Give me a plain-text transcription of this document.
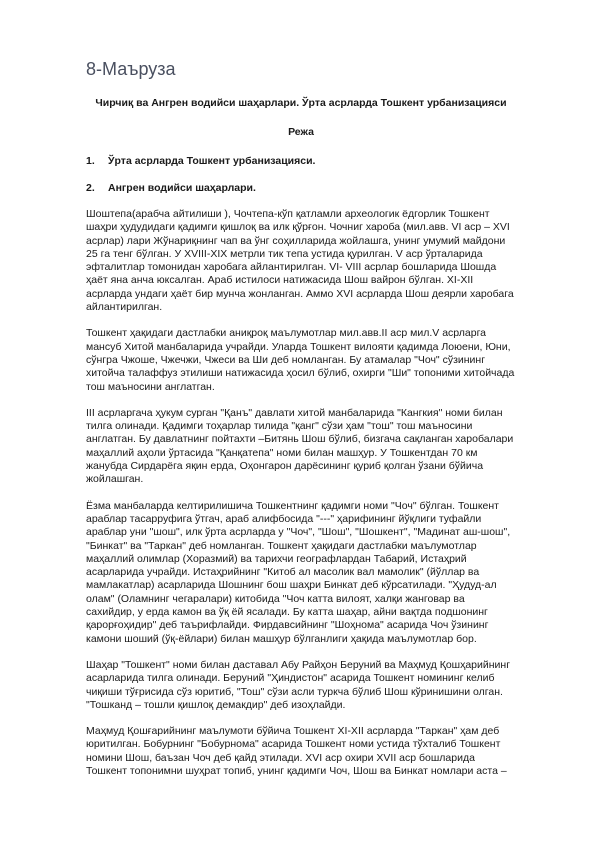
8-Маъруза

Чирчиқ ва Ангрен водийси шаҳарлари. Ўрта асрларда Тошкент урбанизацияси

Режа

1.	Ўрта асрларда Тошкент урбанизацияси.
2.	Ангрен водийси шаҳарлари.

Шоштепа(арабча айтилиши ), Чочтепа-кўп қатламли археологик ёдгорлик Тошкент шаҳри ҳудудидаги қадимги қишлоқ ва илк қўрғон. Чочниг хароба (мил.авв. VI аср – XVI асрлар) лари Жўнариқнинг чап ва ўнг соҳилларида жойлашга, унинг умумий майдони 25 га тенг бўлган. У XVIII-XIX метрли тик тепа устида қурилган. V аср ўрталарида эфталитлар томонидан харобага айлантирилган. VI- VIII асрлар бошларида Шошда ҳаёт яна анча юксалган. Араб истилоси натижасида Шош вайрон бўлган. XI-XII асрларда ундаги ҳаёт бир мунча жонланган. Аммо XVI асрларда Шош деярли харобага айлантирилган.

Тошкент ҳақидаги дастлабки аниқроқ маълумотлар мил.авв.II аср мил.V асрларга мансуб Хитой манбаларида учрайди. Уларда Тошкент вилояти қадимда Лоюени, Юни, сўнгра Чжоше, Чжечжи, Чжеси ва Ши деб номланган. Бу атамалар "Чоч" сўзининг хитойча талаффуз этилиши натижасида ҳосил бўлиб, охирги "Ши" топоними хитойчада тош маъносини англатган.

III асрларгача ҳукум сурган "Қанъ" давлати хитой манбаларида "Кангкия" номи билан тилга олинади. Қадимги тоҳарлар тилида "қанг" сўзи ҳам "тош" тош маъносини англатган. Бу давлатнинг пойтахти –Битянь Шош бўлиб, бизгача сақланган харобалари маҳаллий аҳоли ўртасида "Қанқатепа" номи билан машҳур. У Тошкентдан 70 км жанубда Сирдарёга яқин ерда, Оҳонгарон дарёсининг қуриб қолган ўзани бўйича жойлашган.

Ёзма манбаларда келтирилишича Тошкентнинг қадимги номи "Чоч" бўлган. Тошкент араблар тасарруфига ўтгач, араб алифбосида "---" ҳарифининг йўқлиги туфайли араблар уни "шош", илк ўрта асрларда у "Чоч", "Шош", "Шошкент", "Мадинат аш-шош", "Бинкат" ва "Таркан" деб номланган. Тошкент ҳақидаги дастлабки маълумотлар маҳаллий олимлар (Хоразмий) ва тарихчи географлардан Табарий, Истаҳрий асарларида учрайди. Истаҳрийнинг "Китоб ал масолик вал мамолик" (йўллар ва мамлакатлар) асарларида Шошнинг бош шаҳри Бинкат деб кўрсатилади. "Ҳудуд-ал олам" (Оламнинг чегаралари) китобида "Чоч катта вилоят, халқи жанговар ва сахийдир, у ерда камон ва ўқ ёй ясалади. Бу катта шаҳар, айни вақтда подшонинг қарорғоҳидир" деб таърифлайди. Фирдавсийнинг "Шоҳнома" асарида Чоч ўзининг камони шоший (ўқ-ёйлари) билан машҳур бўлганлиги ҳақида маълумотлар бор.

Шаҳар "Тошкент" номи билан даставал Абу Райҳон Беруний ва Маҳмуд Қошҳарийнинг асарларида тилга олинади. Беруний "Ҳиндистон" асарида Тошкент номининг келиб чиқиши тўғрисида сўз юритиб, "Тош" сўзи асли туркча бўлиб Шош кўринишини олган. "Тошканд – тошли қишлоқ демакдир" деб изоҳлайди.

Маҳмуд Қошғарийнинг маълумоти бўйича Тошкент XI-XII асрларда "Таркан" ҳам деб юритилган. Бобурнинг "Бобурнома" асарида Тошкент номи устида тўхталиб Тошкент номини Шош, баъзан Чоч деб қайд этилади. XVI аср охири XVII аср бошларида Тошкент топонимни шуҳрат топиб, унинг қадимги Чоч, Шош ва Бинкат номлари аста –
